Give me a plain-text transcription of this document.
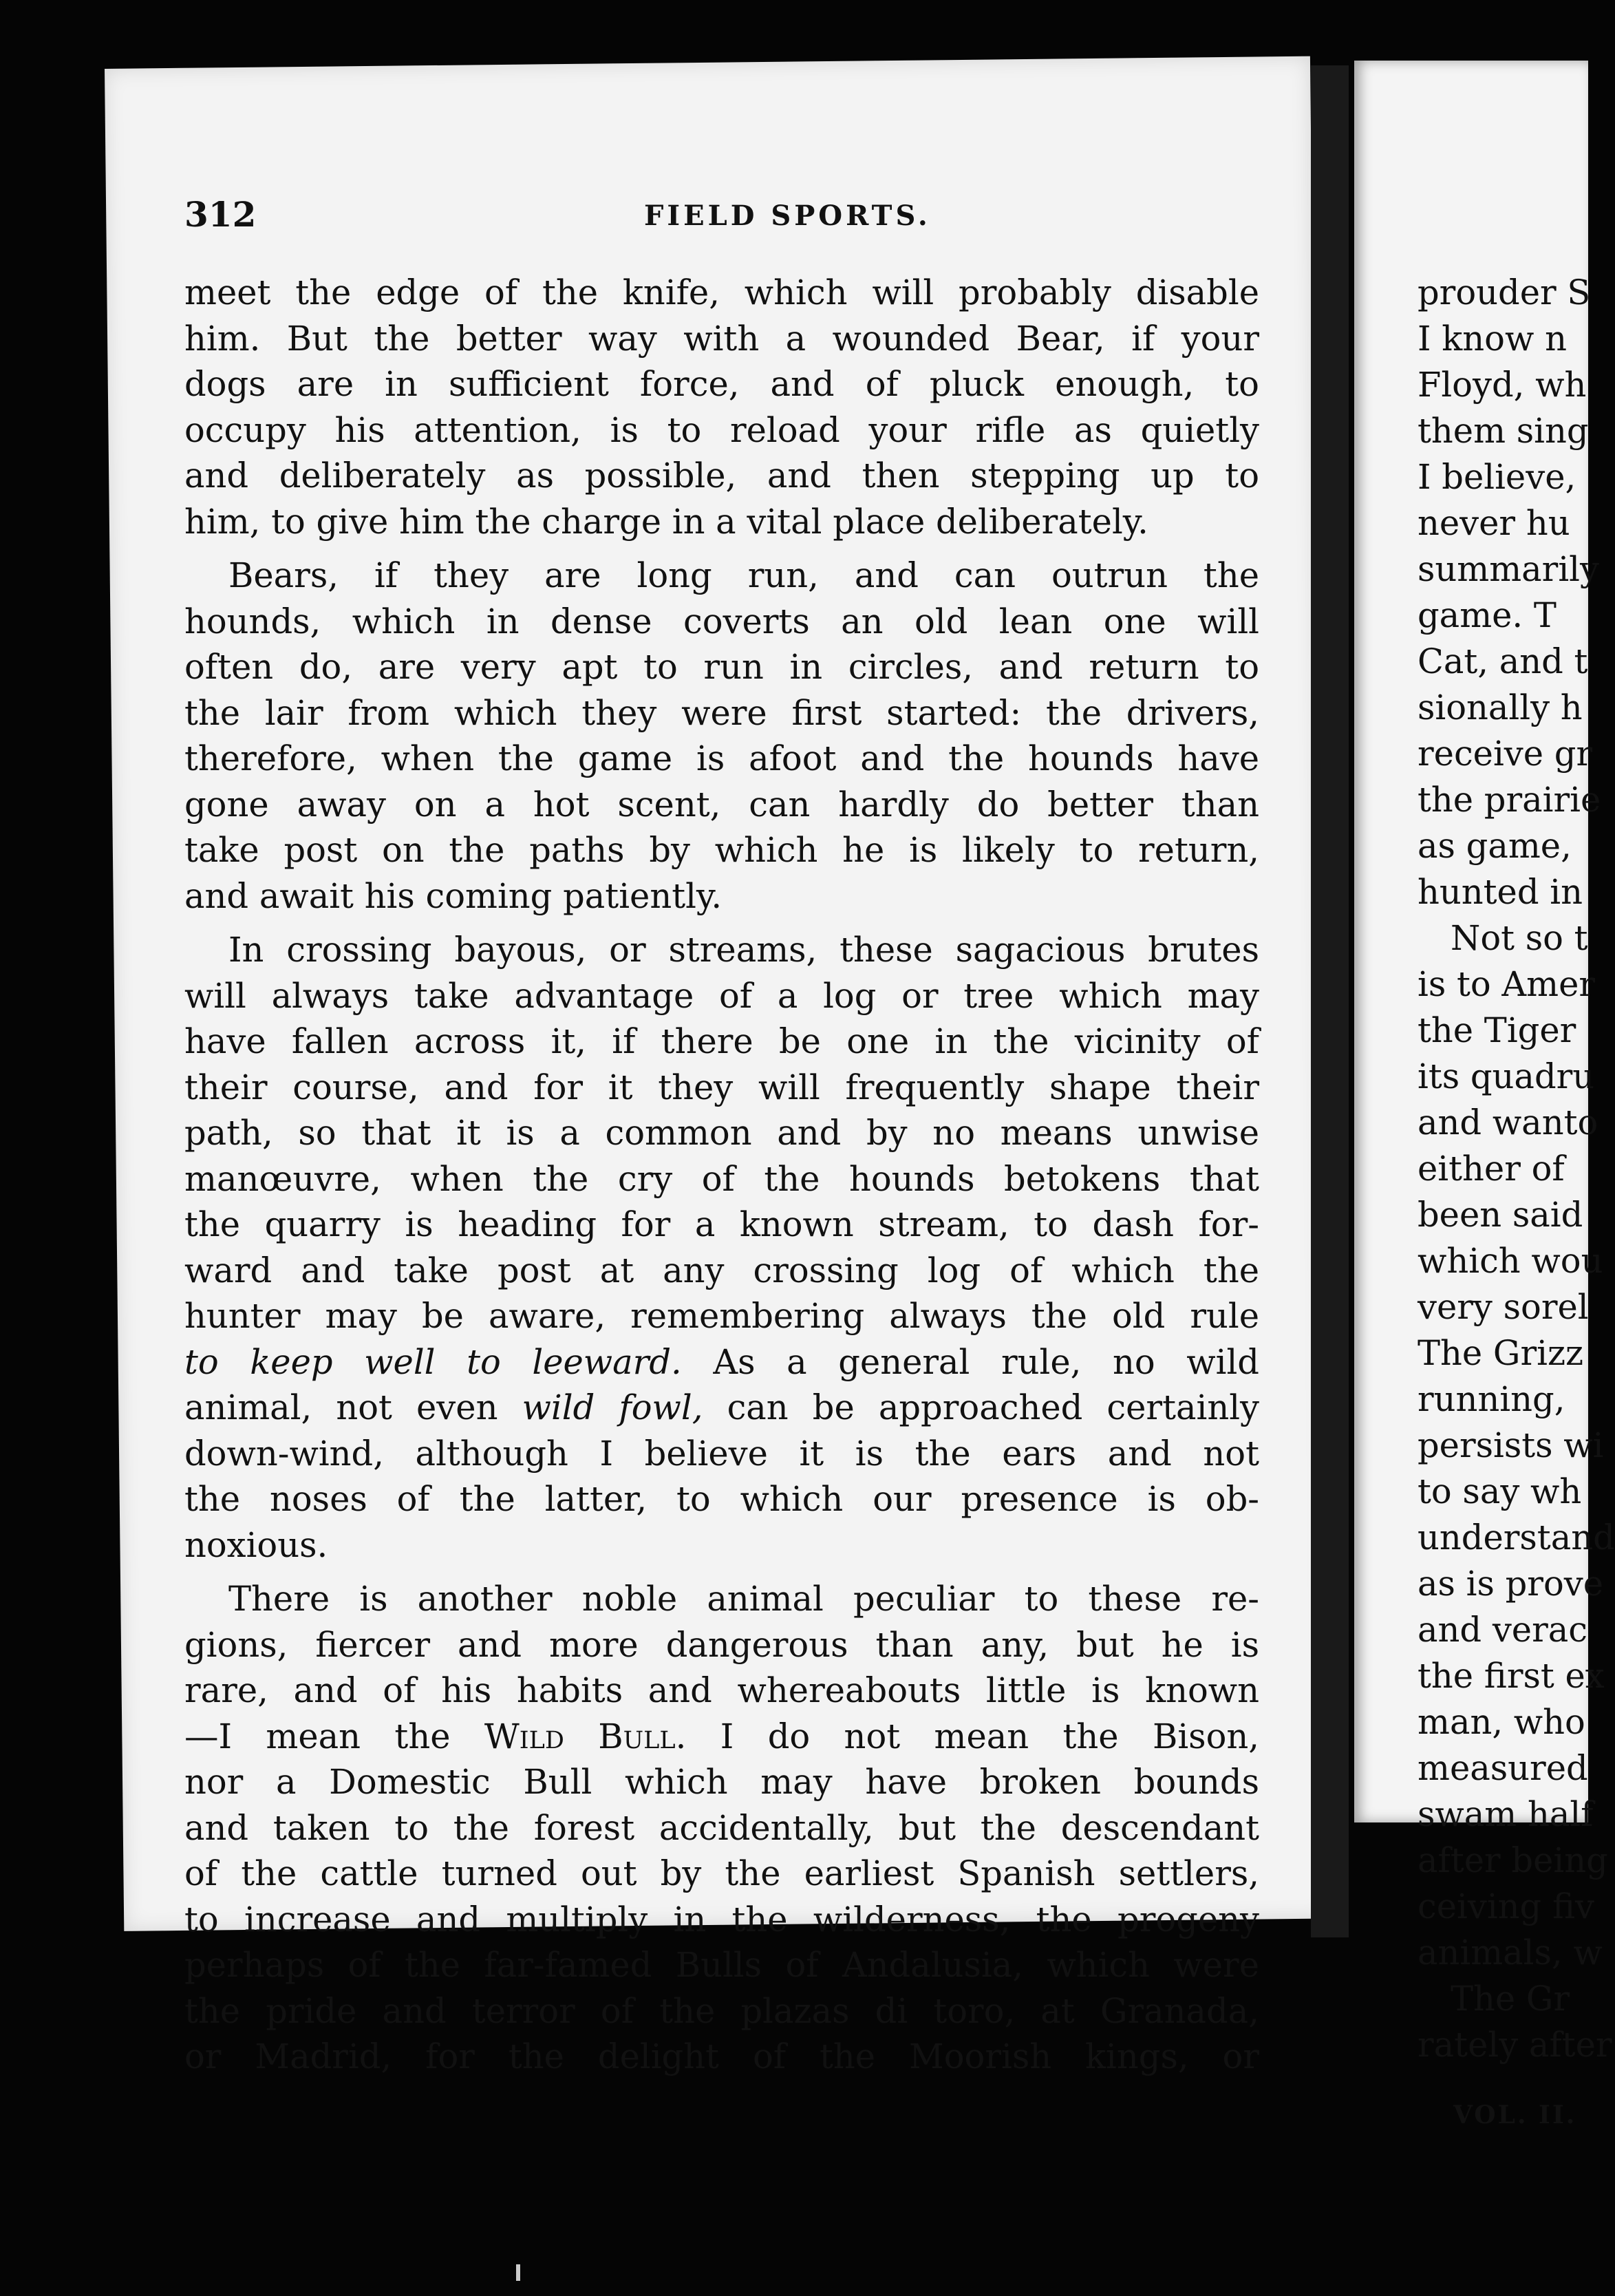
312	FIELD SPORTS.
meet the edge of the knife, which will probably disable
him. But the better way with a wounded Bear, if your
dogs are in sufficient force, and of pluck enough, to
occupy his attention, is to reload your rifle as quietly
and deliberately as possible, and then stepping up to
him, to give him the charge in a vital place deliberately.
Bears, if they are long run, and can outrun the
hounds, which in dense coverts an old lean one will
often do, are very apt to run in circles, and return to
the lair from which they were first started: the drivers,
therefore, when the game is afoot and the hounds have
gone away on a hot scent, can hardly do better than
take post on the paths by which he is likely to return,
and await his coming patiently.
In crossing bayous, or streams, these sagacious brutes
will always take advantage of a log or tree which may
have fallen across it, if there be one in the vicinity of
their course, and for it they will frequently shape their
path, so that it is a common and by no means unwise
manœuvre, when the cry of the hounds betokens that
the quarry is heading for a known stream, to dash for-
ward and take post at any crossing log of which the
hunter may be aware, remembering always the old rule
to keep well to leeward. As a general rule, no wild
animal, not even wild fowl, can be approached certainly
down-wind, although I believe it is the ears and not
the noses of the latter, to which our presence is ob-
noxious.
There is another noble animal peculiar to these re-
gions, fiercer and more dangerous than any, but he is
rare, and of his habits and whereabouts little is known
—I mean the Wild Bull. I do not mean the Bison,
nor a Domestic Bull which may have broken bounds
and taken to the forest accidentally, but the descendant
of the cattle turned out by the earliest Spanish settlers,
to increase and multiply in the wilderness, the progeny
perhaps of the far-famed Bulls of Andalusia, which were
the pride and terror of the plazas di toro, at Granada,
or Madrid, for the delight of the Moorish kings, or
prouder S
I know n
Floyd, wh
them sing
I believe,
never hu
summarily
game. T
Cat, and t
sionally h
receive gr
the prairie
as game,
hunted in
Not so t
is to Amer
the Tiger
its quadru
and wanto
either of
been said
which wou
very sorel
The Grizz
running,
persists wi
to say wh
understand
as is prove
and verac
the first ex
man, who
measured
swam half
after being
ceiving fiv
animals, w
The Gr
rately after
VOL. II.
